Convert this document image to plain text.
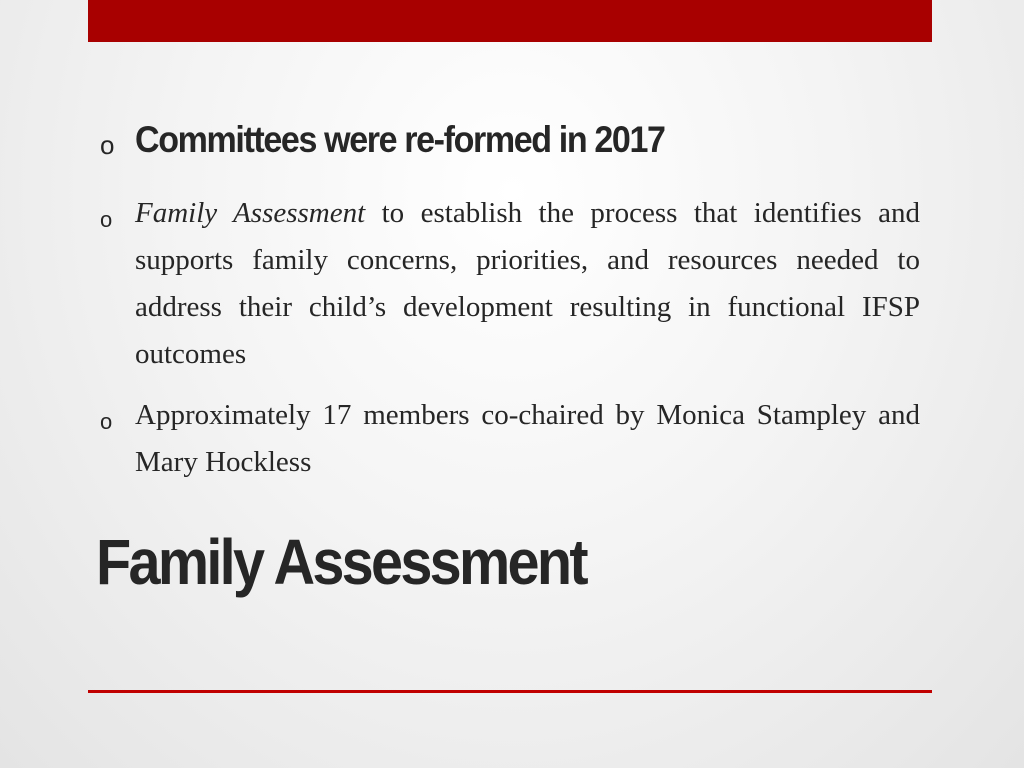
o Committees were re-formed in 2017
o Family Assessment to establish the process that identifies and supports family concerns, priorities, and resources needed to address their child’s development resulting in functional IFSP outcomes
o Approximately 17 members co-chaired by Monica Stampley and Mary Hockless
Family Assessment
